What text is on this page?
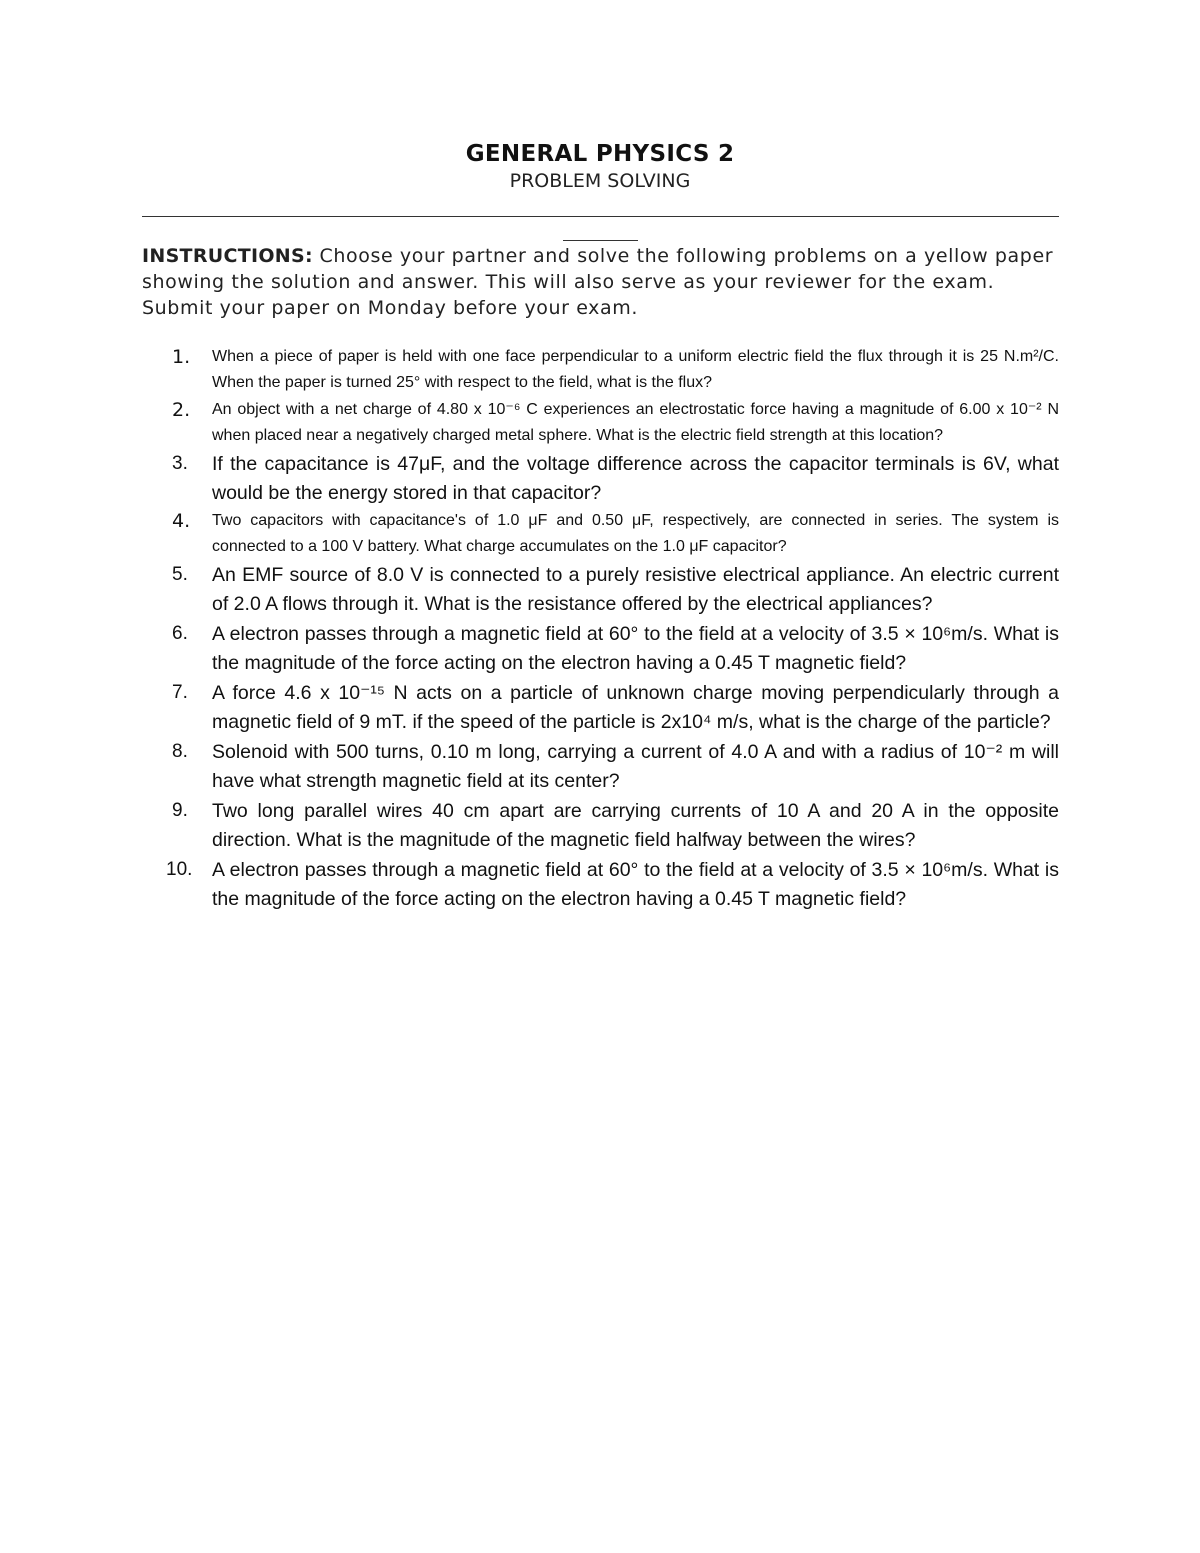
GENERAL PHYSICS 2
PROBLEM SOLVING
INSTRUCTIONS: Choose your partner and solve the following problems on a yellow paper showing the solution and answer. This will also serve as your reviewer for the exam. Submit your paper on Monday before your exam.
1. When a piece of paper is held with one face perpendicular to a uniform electric field the flux through it is 25 N.m²/C. When the paper is turned 25° with respect to the field, what is the flux?
2. An object with a net charge of 4.80 x 10⁻⁶ C experiences an electrostatic force having a magnitude of 6.00 x 10⁻² N when placed near a negatively charged metal sphere. What is the electric field strength at this location?
3. If the capacitance is 47μF, and the voltage difference across the capacitor terminals is 6V, what would be the energy stored in that capacitor?
4. Two capacitors with capacitance's of 1.0 μF and 0.50 μF, respectively, are connected in series. The system is connected to a 100 V battery. What charge accumulates on the 1.0 μF capacitor?
5. An EMF source of 8.0 V is connected to a purely resistive electrical appliance. An electric current of 2.0 A flows through it. What is the resistance offered by the electrical appliances?
6. A electron passes through a magnetic field at 60° to the field at a velocity of 3.5 × 10⁶m/s. What is the magnitude of the force acting on the electron having a 0.45 T magnetic field?
7. A force 4.6 x 10⁻¹⁵ N acts on a particle of unknown charge moving perpendicularly through a magnetic field of 9 mT. if the speed of the particle is 2x10⁴ m/s, what is the charge of the particle?
8. Solenoid with 500 turns, 0.10 m long, carrying a current of 4.0 A and with a radius of 10⁻² m will have what strength magnetic field at its center?
9. Two long parallel wires 40 cm apart are carrying currents of 10 A and 20 A in the opposite direction. What is the magnitude of the magnetic field halfway between the wires?
10. A electron passes through a magnetic field at 60° to the field at a velocity of 3.5 × 10⁶m/s. What is the magnitude of the force acting on the electron having a 0.45 T magnetic field?
